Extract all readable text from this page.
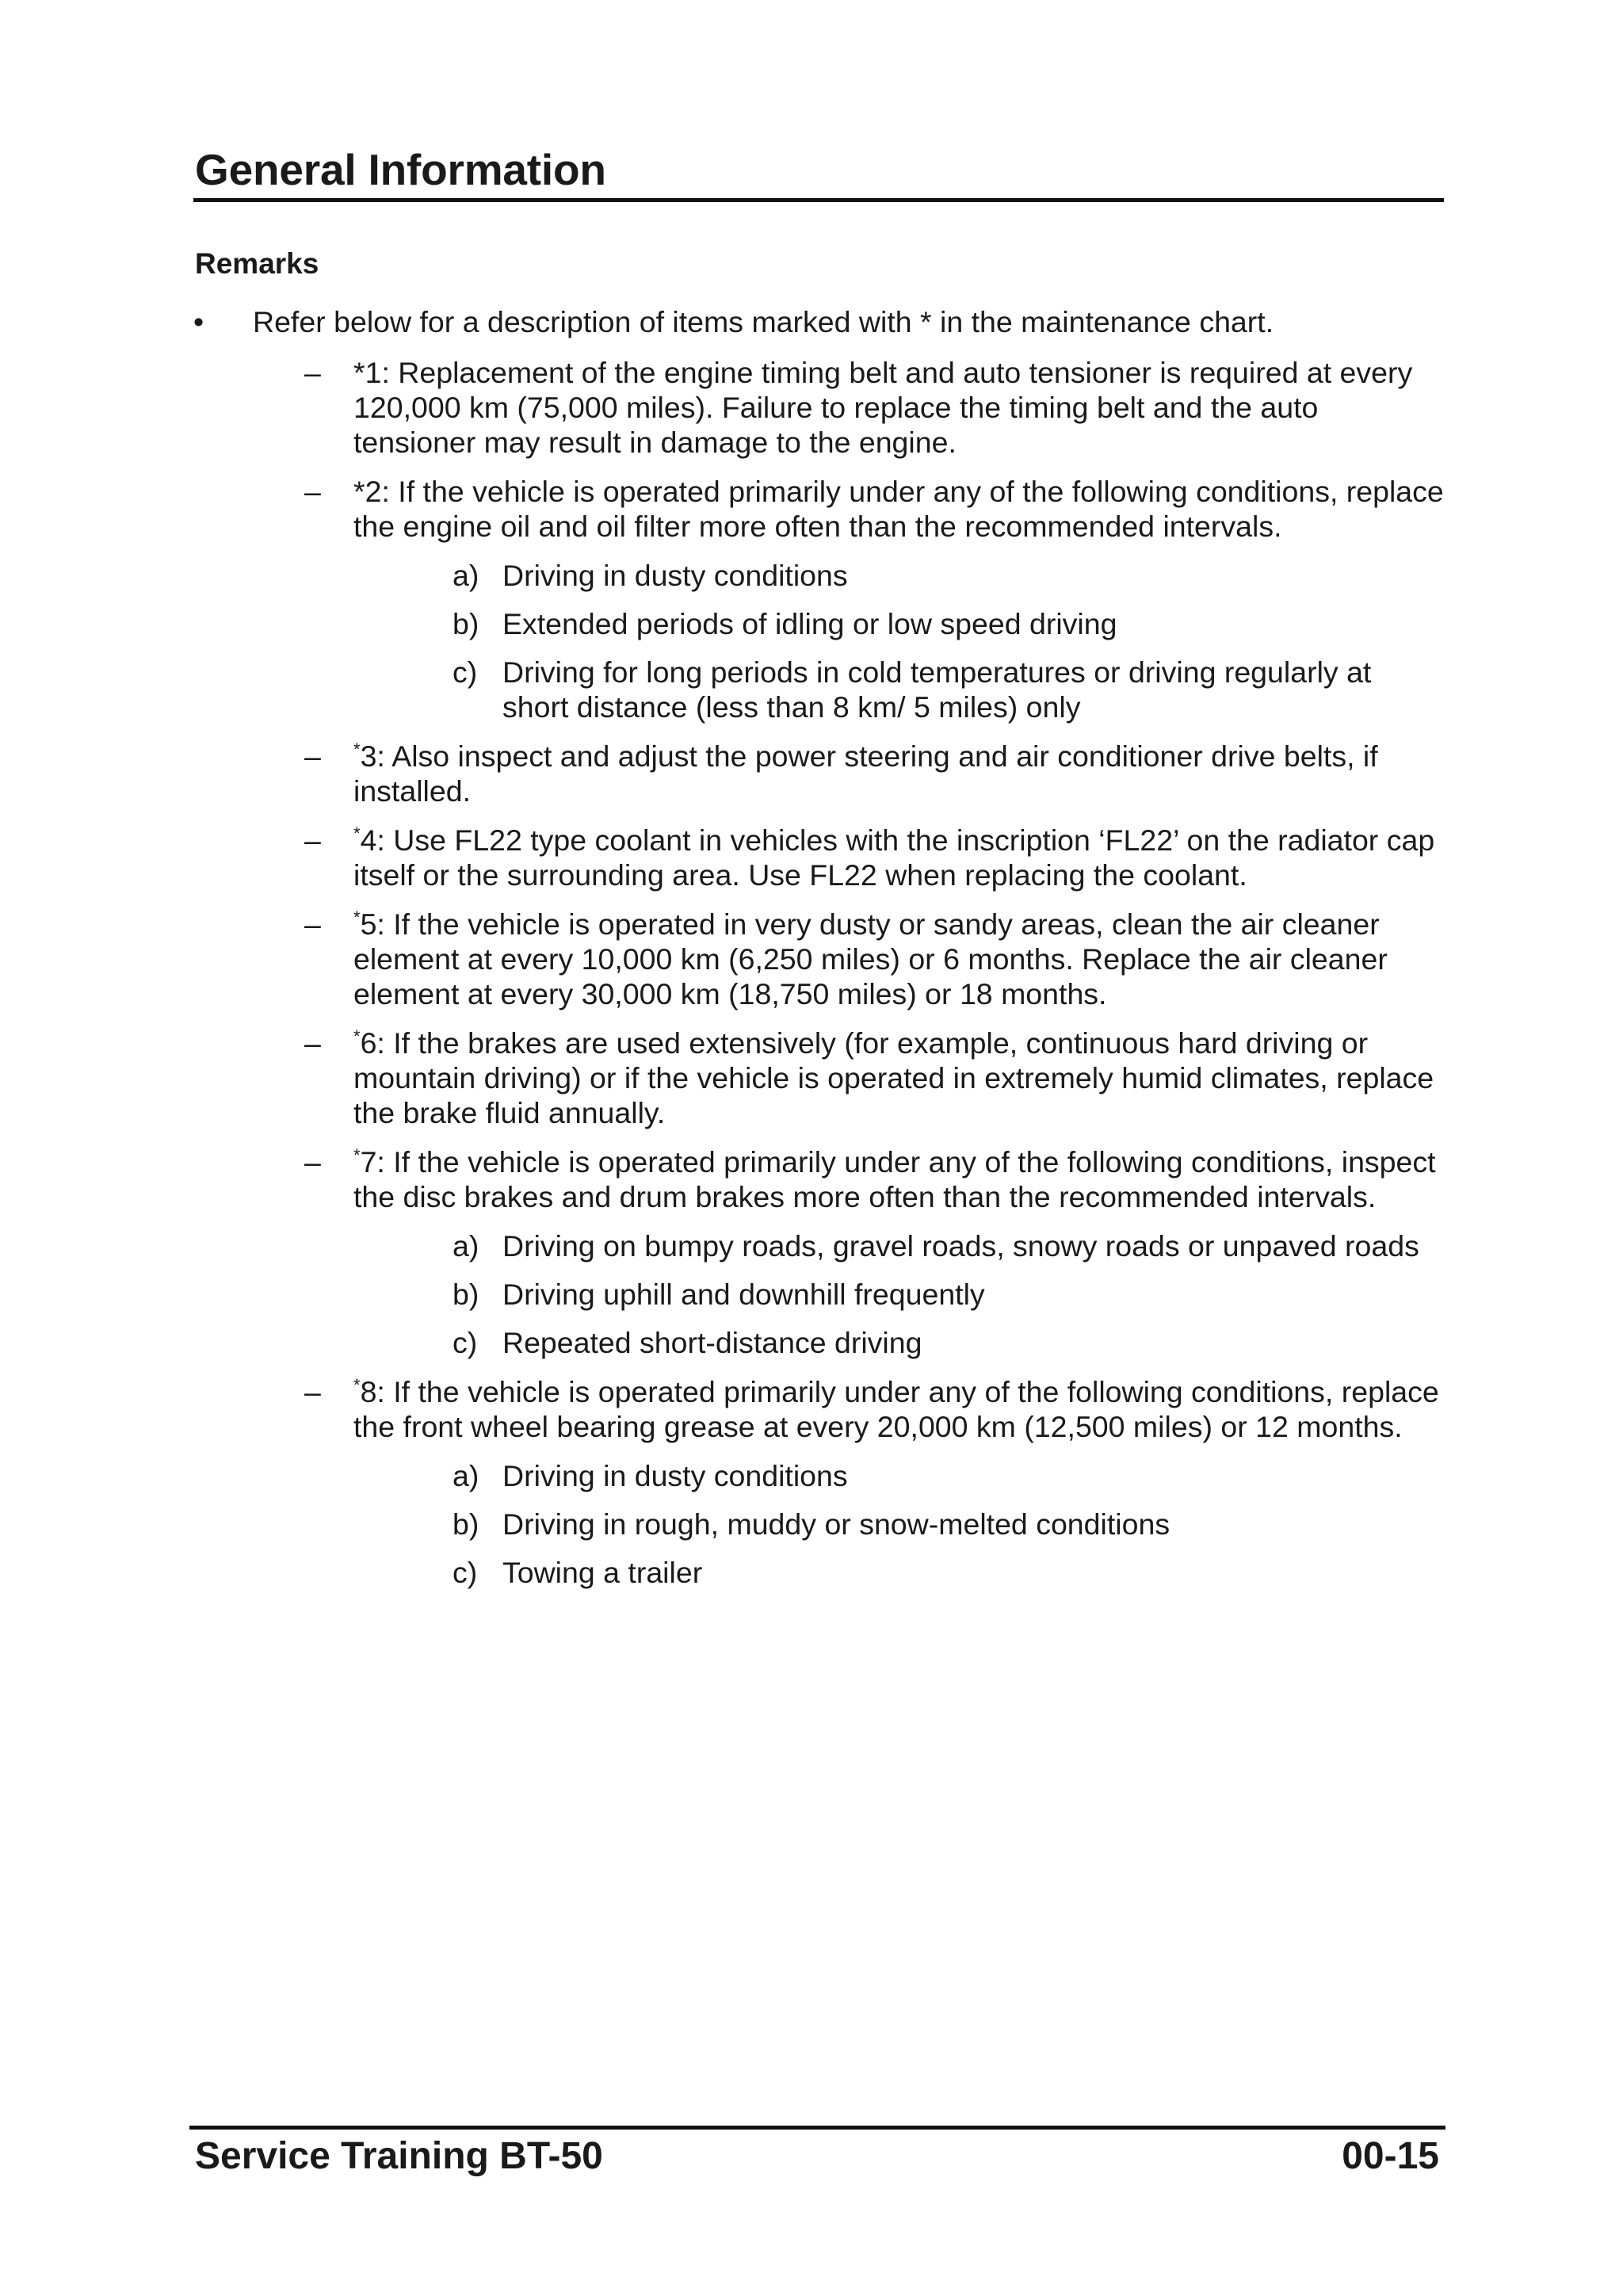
General Information
Remarks
•	Refer below for a description of items marked with * in the maintenance chart.
–	*1: Replacement of the engine timing belt and auto tensioner is required at every 120,000 km (75,000 miles). Failure to replace the timing belt and the auto tensioner may result in damage to the engine.
–	*2: If the vehicle is operated primarily under any of the following conditions, replace the engine oil and oil filter more often than the recommended intervals.
a) Driving in dusty conditions
b) Extended periods of idling or low speed driving
c) Driving for long periods in cold temperatures or driving regularly at short distance (less than 8 km/ 5 miles) only
–	*3: Also inspect and adjust the power steering and air conditioner drive belts, if installed.
–	*4: Use FL22 type coolant in vehicles with the inscription ‘FL22’ on the radiator cap itself or the surrounding area. Use FL22 when replacing the coolant.
–	*5: If the vehicle is operated in very dusty or sandy areas, clean the air cleaner element at every 10,000 km (6,250 miles) or 6 months. Replace the air cleaner element at every 30,000 km (18,750 miles) or 18 months.
–	*6: If the brakes are used extensively (for example, continuous hard driving or mountain driving) or if the vehicle is operated in extremely humid climates, replace the brake fluid annually.
–	*7: If the vehicle is operated primarily under any of the following conditions, inspect the disc brakes and drum brakes more often than the recommended intervals.
a) Driving on bumpy roads, gravel roads, snowy roads or unpaved roads
b) Driving uphill and downhill frequently
c) Repeated short-distance driving
–	*8: If the vehicle is operated primarily under any of the following conditions, replace the front wheel bearing grease at every 20,000 km (12,500 miles) or 12 months.
a) Driving in dusty conditions
b) Driving in rough, muddy or snow-melted conditions
c) Towing a trailer
Service Training BT-50	00-15
